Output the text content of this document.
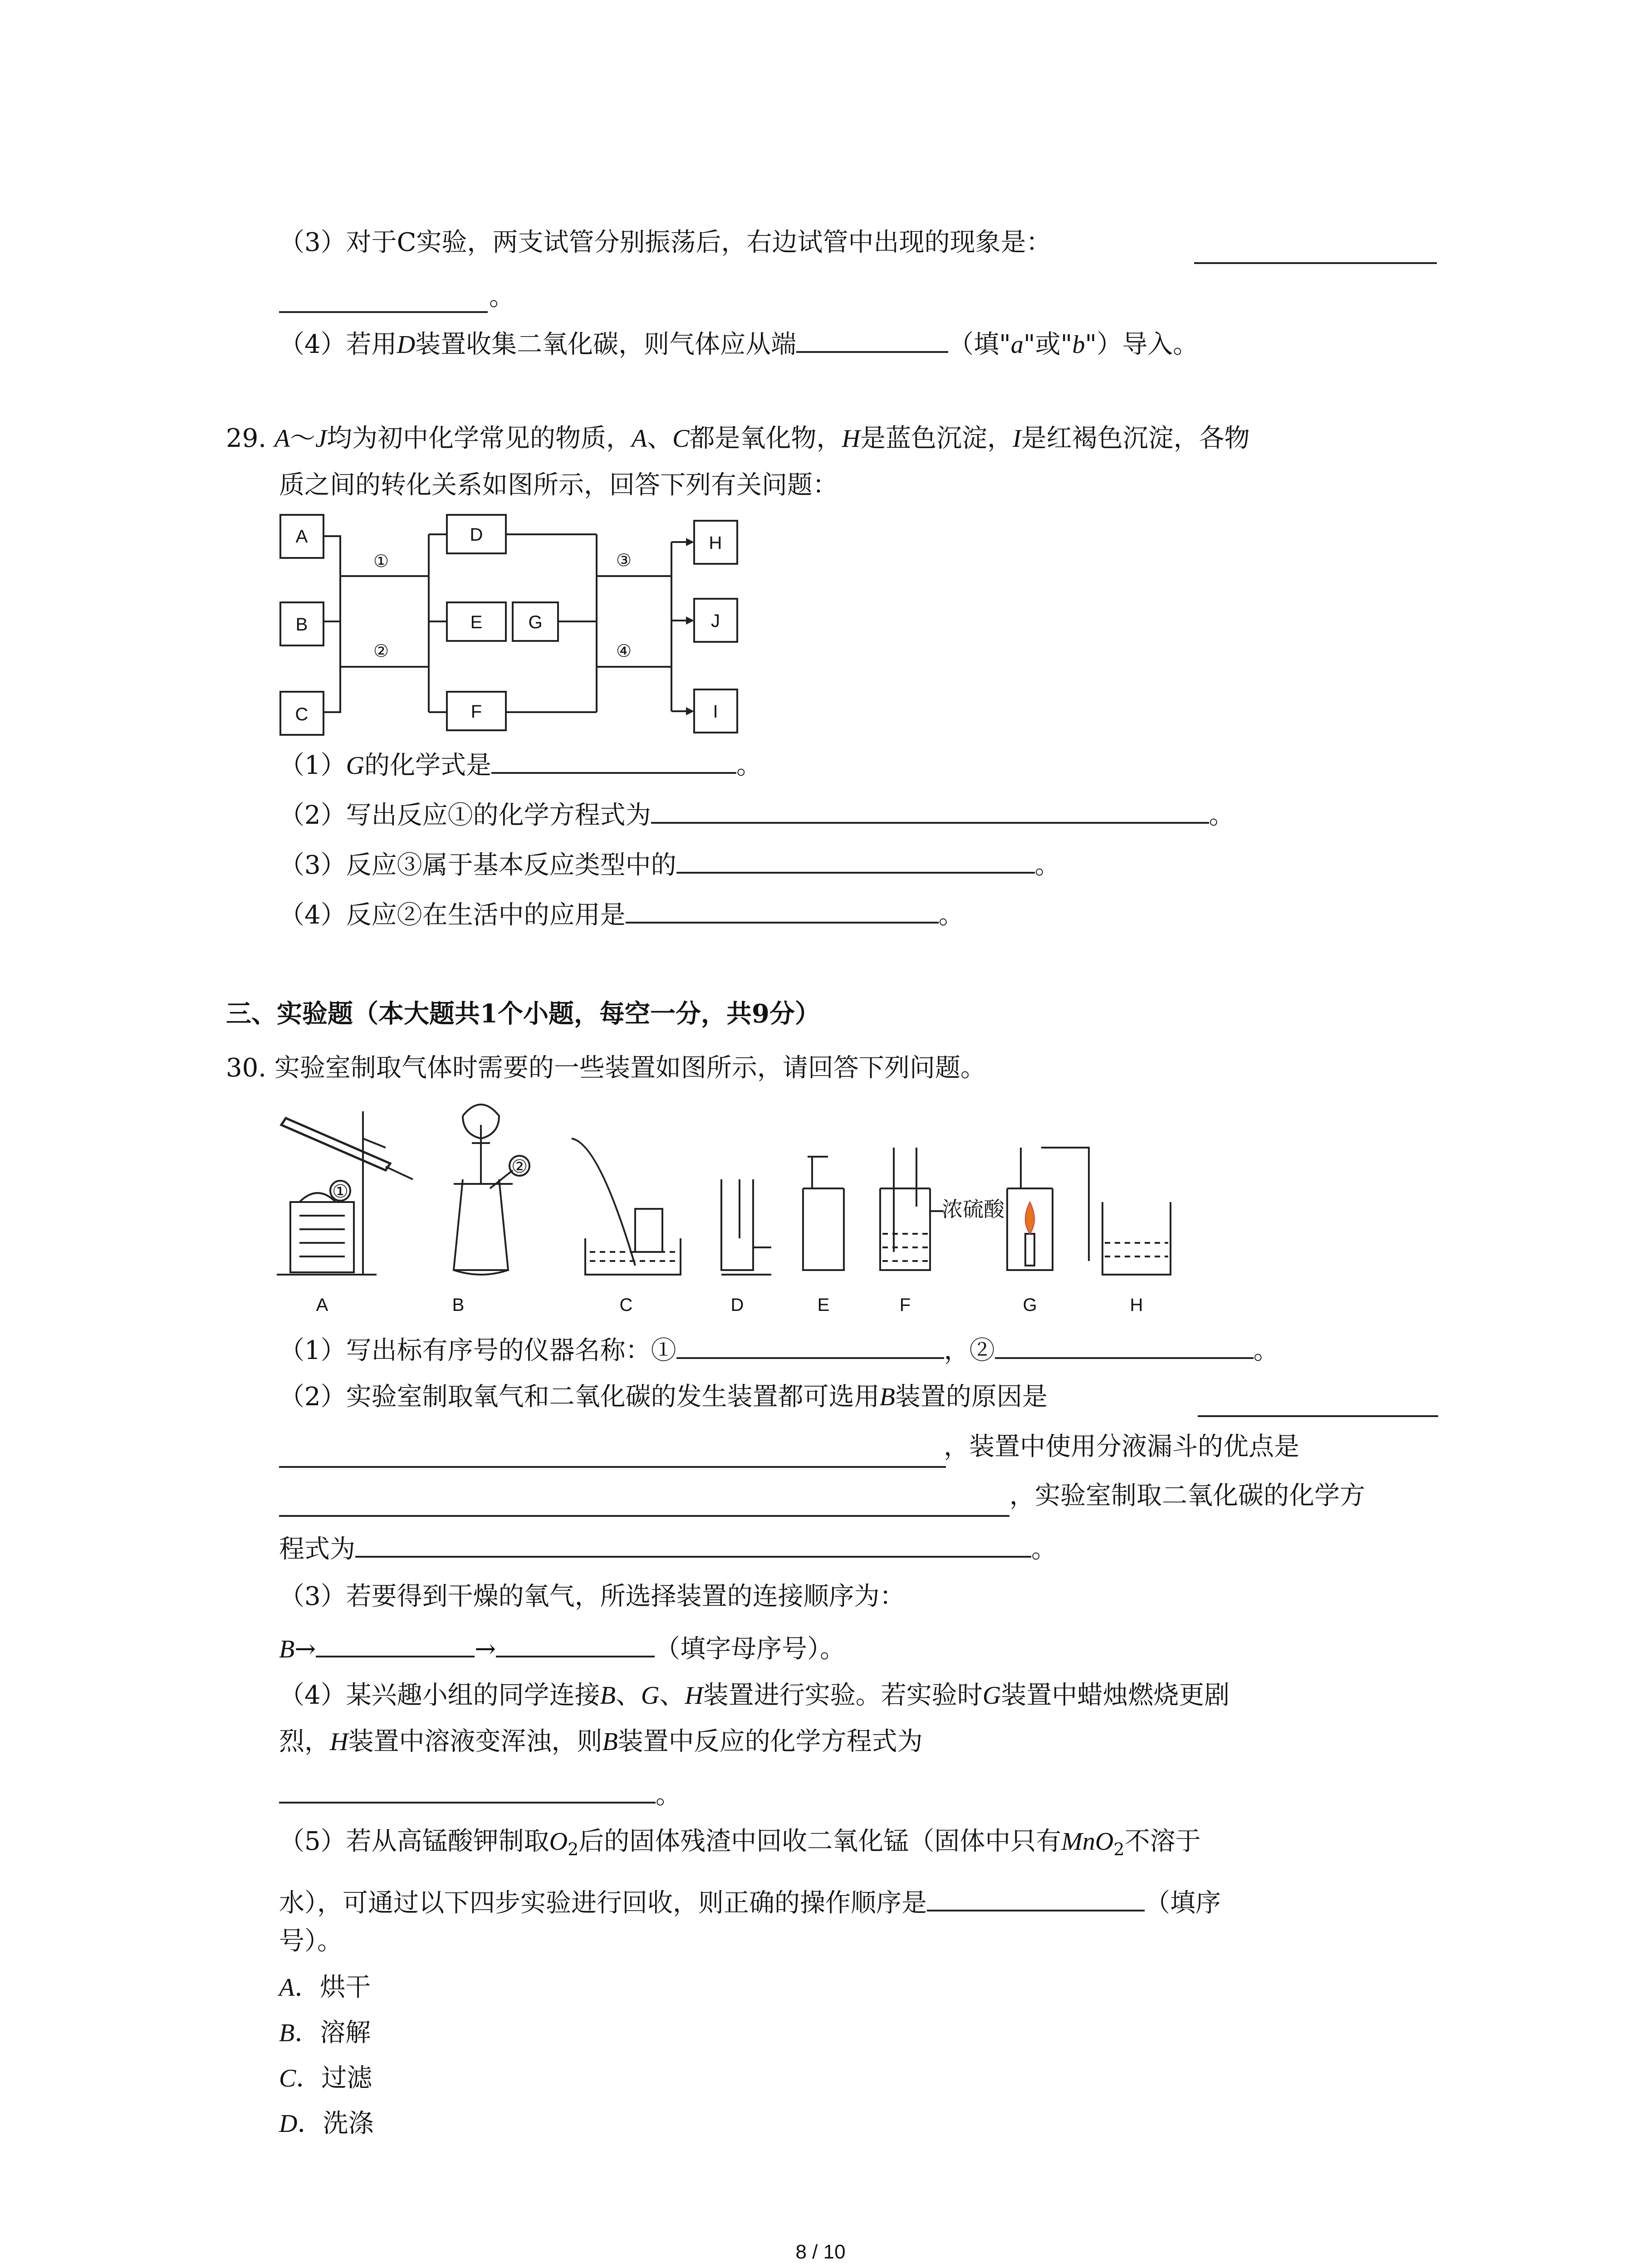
（3）对于C实验，两支试管分别振荡后，右边试管中出现的现象是：
。
（4）若用D装置收集二氧化碳，则气体应从端	（填"a"或"b"）导入。
29. A～J均为初中化学常见的物质，A、C都是氧化物，H是蓝色沉淀，I是红褐色沉淀，各物
质之间的转化关系如图所示，回答下列有关问题：
A
B
C
D
E
F
G
H
J
I
①
②
③
④
（1）G的化学式是	。
（2）写出反应①的化学方程式为	。
（3）反应③属于基本反应类型中的	。
（4）反应②在生活中的应用是	。
三、实验题（本大题共1个小题，每空一分，共9分）
30. 实验室制取气体时需要的一些装置如图所示，请回答下列问题。
①
②
浓硫酸
A	B	C	D	E	F	G	H
（1）写出标有序号的仪器名称：①	，②	。
（2）实验室制取氧气和二氧化碳的发生装置都可选用B装置的原因是
，装置中使用分液漏斗的优点是
，实验室制取二氧化碳的化学方
程式为	。
（3）若要得到干燥的氧气，所选择装置的连接顺序为：
B→	→	（填字母序号）。
（4）某兴趣小组的同学连接B、G、H装置进行实验。若实验时G装置中蜡烛燃烧更剧
烈，H装置中溶液变浑浊，则B装置中反应的化学方程式为
。
（5）若从高锰酸钾制取$O_2$后的固体残渣中回收二氧化锰（固体中只有MnO$_2$不溶于
水），可通过以下四步实验进行回收，则正确的操作顺序是	（填序
号）。
A．烘干
B．溶解
C．过滤
D．洗涤
8 / 10
